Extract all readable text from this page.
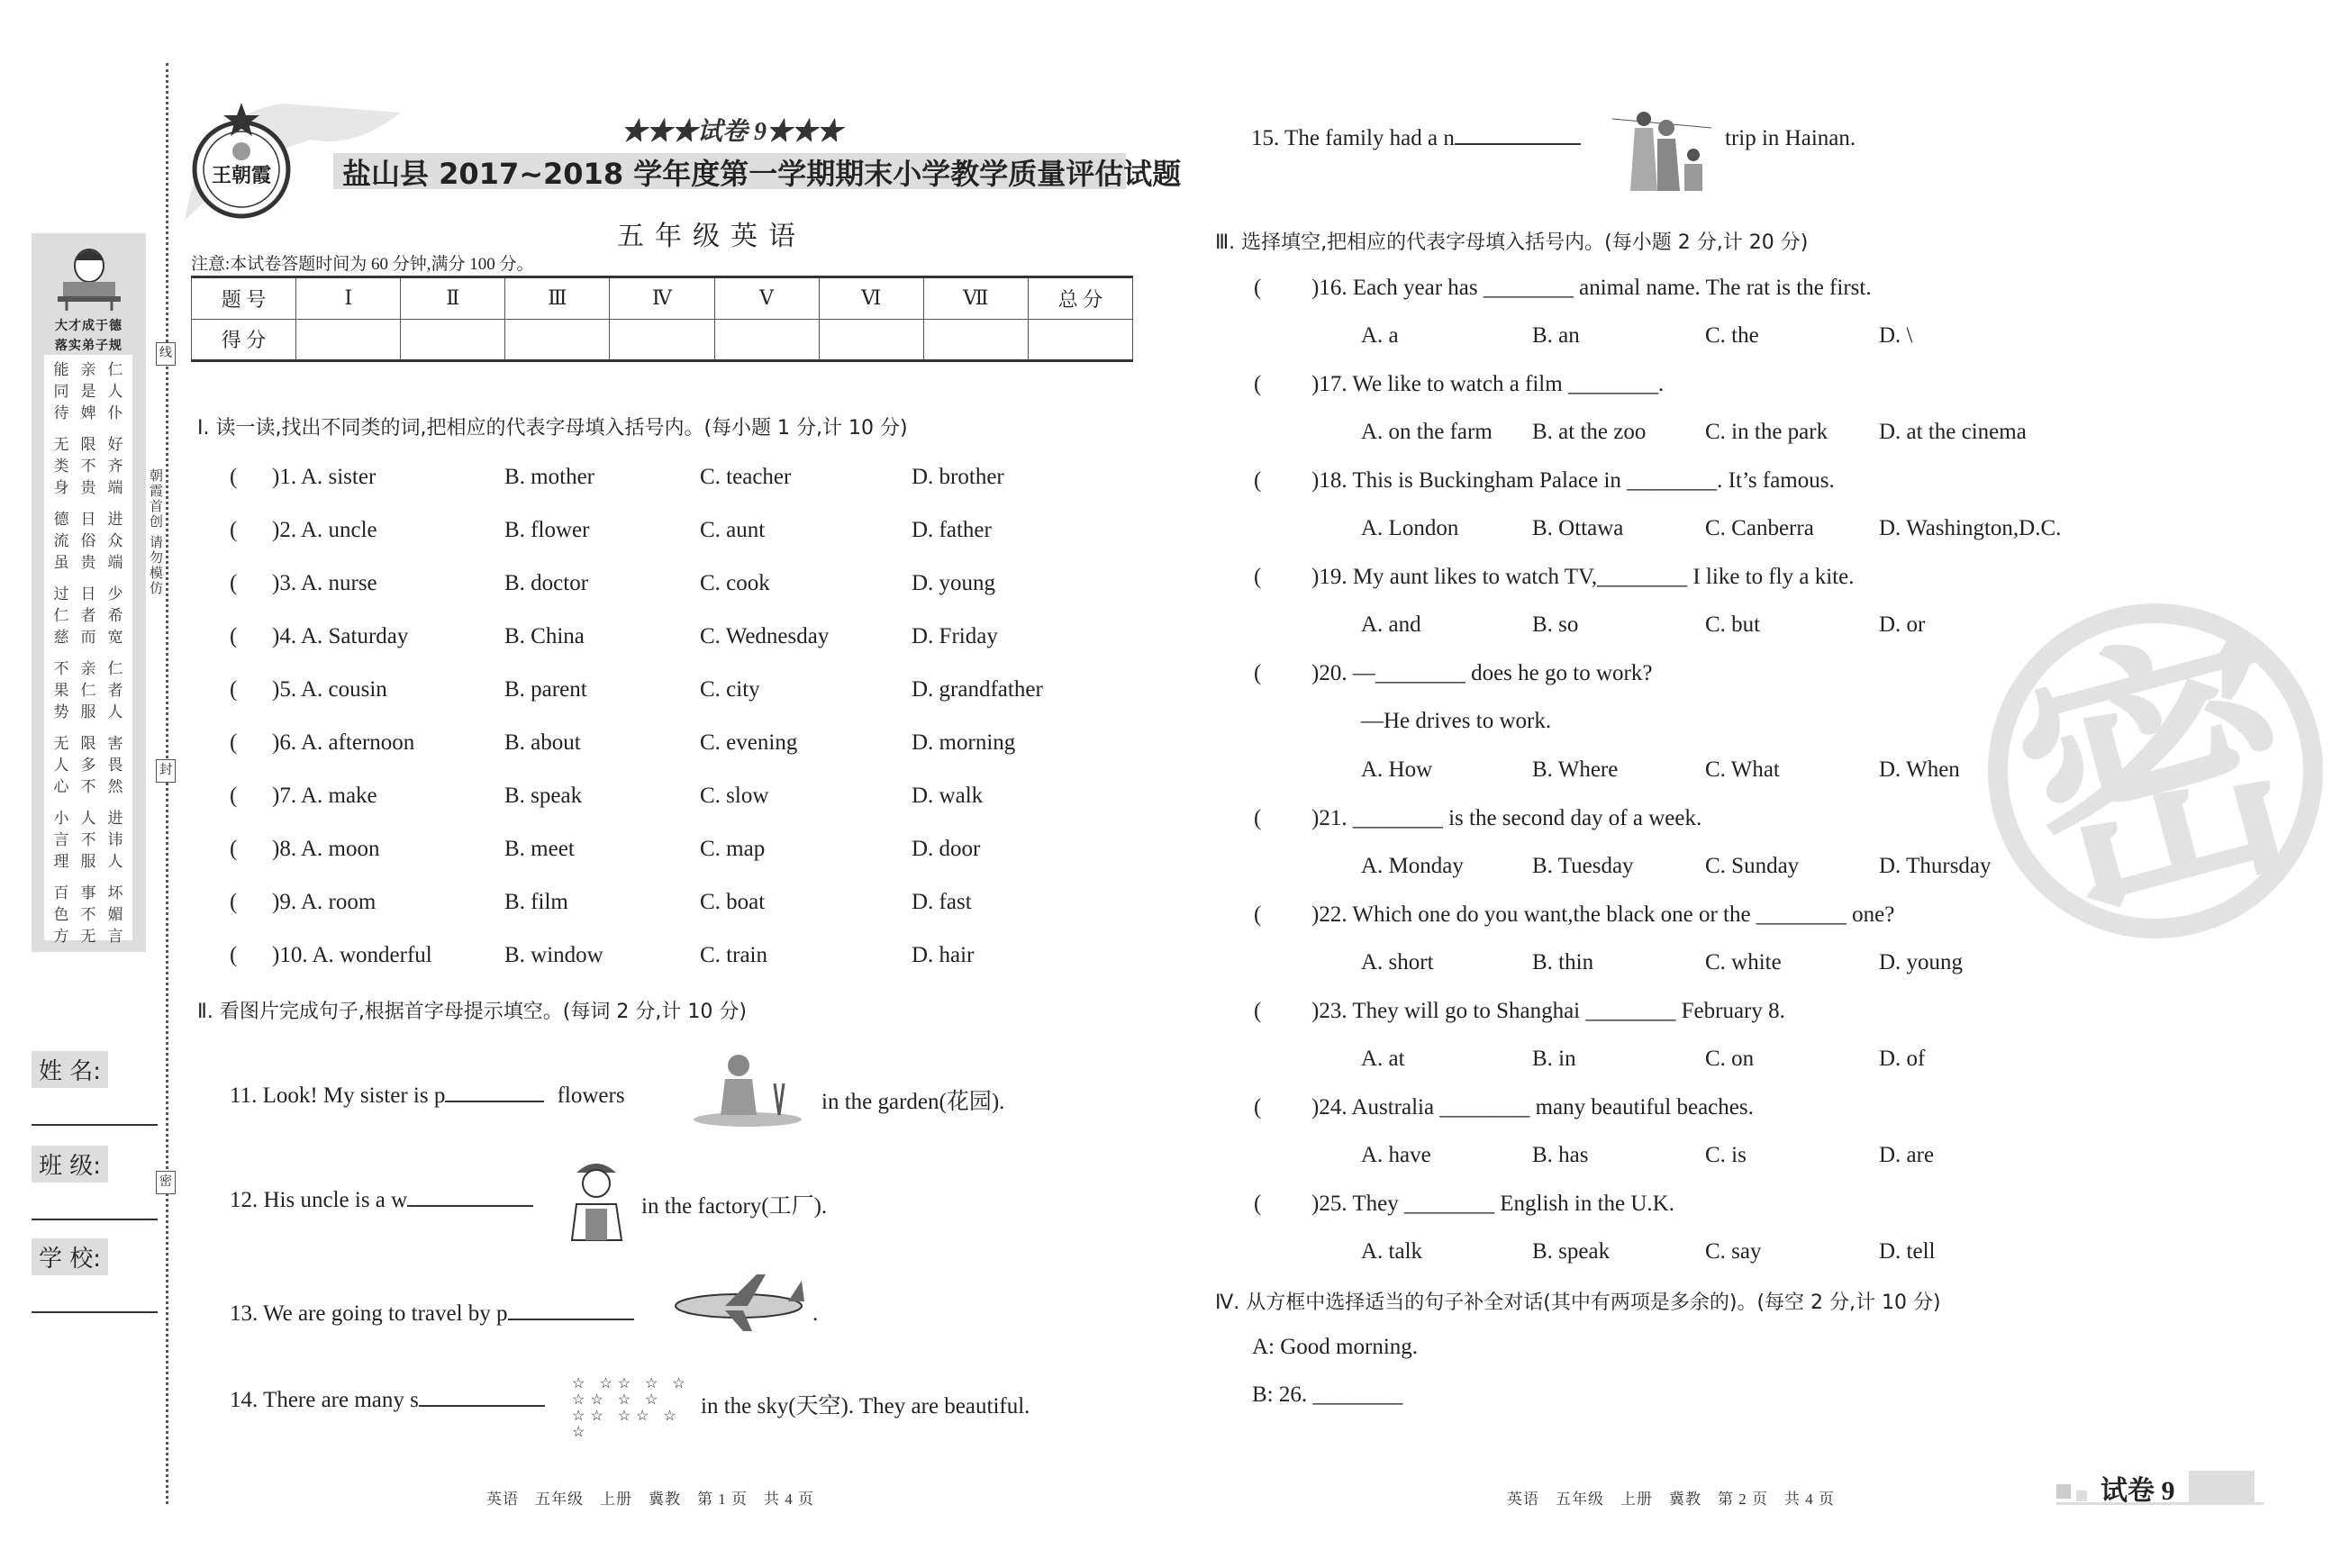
线
封
密
朝霞首创 请勿模仿
大才成于德
落实弟子规
能
同
待
亲
是
婢
仁
人
仆
无
类
身
限
不
贵
好
齐
端
德
流
虽
日
俗
贵
进
众
端
过
仁
慈
日
者
而
少
希
宽
不
果
势
亲
仁
服
仁
者
人
无
人
心
限
多
不
害
畏
然
小
言
理
人
不
服
进
讳
人
百
色
方
事
不
无
坏
媚
言
姓 名:
班 级:
学 校:
王朝霞
★★★试卷 9★★★
盐山县 2017~2018 学年度第一学期期末小学教学质量评估试题
五年级英语
注意:本试卷答题时间为 60 分钟,满分 100 分。
题 号	Ⅰ	Ⅱ	Ⅲ	Ⅳ	Ⅴ	Ⅵ	Ⅶ	总 分
得 分								
Ⅰ. 读一读,找出不同类的词,把相应的代表字母填入括号内。(每小题 1 分,计 10 分)
( )1. A. sister	B. mother	C. teacher	D. brother
( )2. A. uncle	B. flower	C. aunt	D. father
( )3. A. nurse	B. doctor	C. cook	D. young
( )4. A. Saturday	B. China	C. Wednesday	D. Friday
( )5. A. cousin	B. parent	C. city	D. grandfather
( )6. A. afternoon	B. about	C. evening	D. morning
( )7. A. make	B. speak	C. slow	D. walk
( )8. A. moon	B. meet	C. map	D. door
( )9. A. room	B. film	C. boat	D. fast
( )10. A. wonderful	B. window	C. train	D. hair
Ⅱ. 看图片完成句子,根据首字母提示填空。(每词 2 分,计 10 分)
11. Look! My sister is p	flowers	in the garden(花园).
12. His uncle is a w	in the factory(工厂).
13. We are going to travel by p	.
14. There are many s	in the sky(天空). They are beautiful.
☆ ☆☆ ☆ ☆ ☆☆ ☆ ☆ ☆☆ ☆☆ ☆ ☆
15. The family had a n	trip in Hainan.
Ⅲ. 选择填空,把相应的代表字母填入括号内。(每小题 2 分,计 20 分)
( )16. Each year has ________ animal name. The rat is the first.
A. a	B. an	C. the	D. \
( )17. We like to watch a film ________.
A. on the farm B. at the zoo	C. in the park D. at the cinema
( )18. This is Buckingham Palace in ________. It’s famous.
A. London	B. Ottawa	C. Canberra	D. Washington,D.C.
( )19. My aunt likes to watch TV,________ I like to fly a kite.
A. and	B. so	C. but	D. or
( )20. —________ does he go to work?
—He drives to work.
A. How	B. Where	C. What	D. When
( )21. ________ is the second day of a week.
A. Monday	B. Tuesday	C. Sunday	D. Thursday
( )22. Which one do you want,the black one or the ________ one?
A. short	B. thin	C. white	D. young
( )23. They will go to Shanghai ________ February 8.
A. at	B. in	C. on	D. of
( )24. Australia ________ many beautiful beaches.
A. have	B. has	C. is	D. are
( )25. They ________ English in the U.K.
A. talk	B. speak	C. say	D. tell
Ⅳ. 从方框中选择适当的句子补全对话(其中有两项是多余的)。(每空 2 分,计 10 分)
A: Good morning.
B: 26. ________
密
英语　五年级　上册　冀教　第 1 页　共 4 页	英语　五年级　上册　冀教　第 2 页　共 4 页	试卷 9
